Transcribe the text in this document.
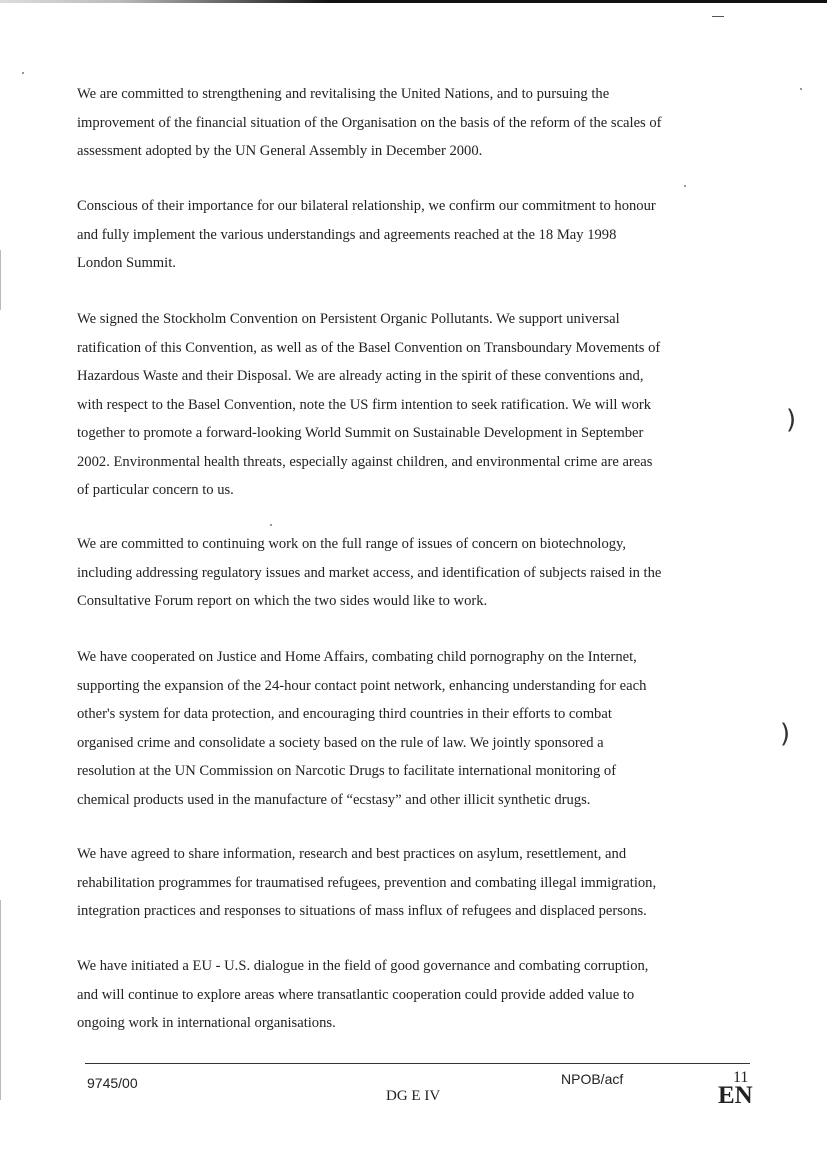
We are committed to strengthening and revitalising the United Nations, and to pursuing the
improvement of the financial situation of the Organisation on the basis of the reform of the scales of
assessment adopted by the UN General Assembly in December 2000.
Conscious of their importance for our bilateral relationship, we confirm our commitment to honour
and fully implement the various understandings and agreements reached at the 18 May 1998
London Summit.
We signed the Stockholm Convention on Persistent Organic Pollutants. We support universal
ratification of this Convention, as well as of the Basel Convention on Transboundary Movements of
Hazardous Waste and their Disposal. We are already acting in the spirit of these conventions and,
with respect to the Basel Convention, note the US firm intention to seek ratification. We will work
together to promote a forward-looking World Summit on Sustainable Development in September
2002. Environmental health threats, especially against children, and environmental crime are areas
of particular concern to us.
We are committed to continuing work on the full range of issues of concern on biotechnology,
including addressing regulatory issues and market access, and identification of subjects raised in the
Consultative Forum report on which the two sides would like to work.
We have cooperated on Justice and Home Affairs, combating child pornography on the Internet,
supporting the expansion of the 24-hour contact point network, enhancing understanding for each
other's system for data protection, and encouraging third countries in their efforts to combat
organised crime and consolidate a society based on the rule of law. We jointly sponsored a
resolution at the UN Commission on Narcotic Drugs to facilitate international monitoring of
chemical products used in the manufacture of “ecstasy” and other illicit synthetic drugs.
We have agreed to share information, research and best practices on asylum, resettlement, and
rehabilitation programmes for traumatised refugees, prevention and combating illegal immigration,
integration practices and responses to situations of mass influx of refugees and displaced persons.
We have initiated a EU - U.S. dialogue in the field of good governance and combating corruption,
and will continue to explore areas where transatlantic cooperation could provide added value to
ongoing work in international organisations.
)
)
9745/00	NPOB/acf
DG E IV
11
EN
